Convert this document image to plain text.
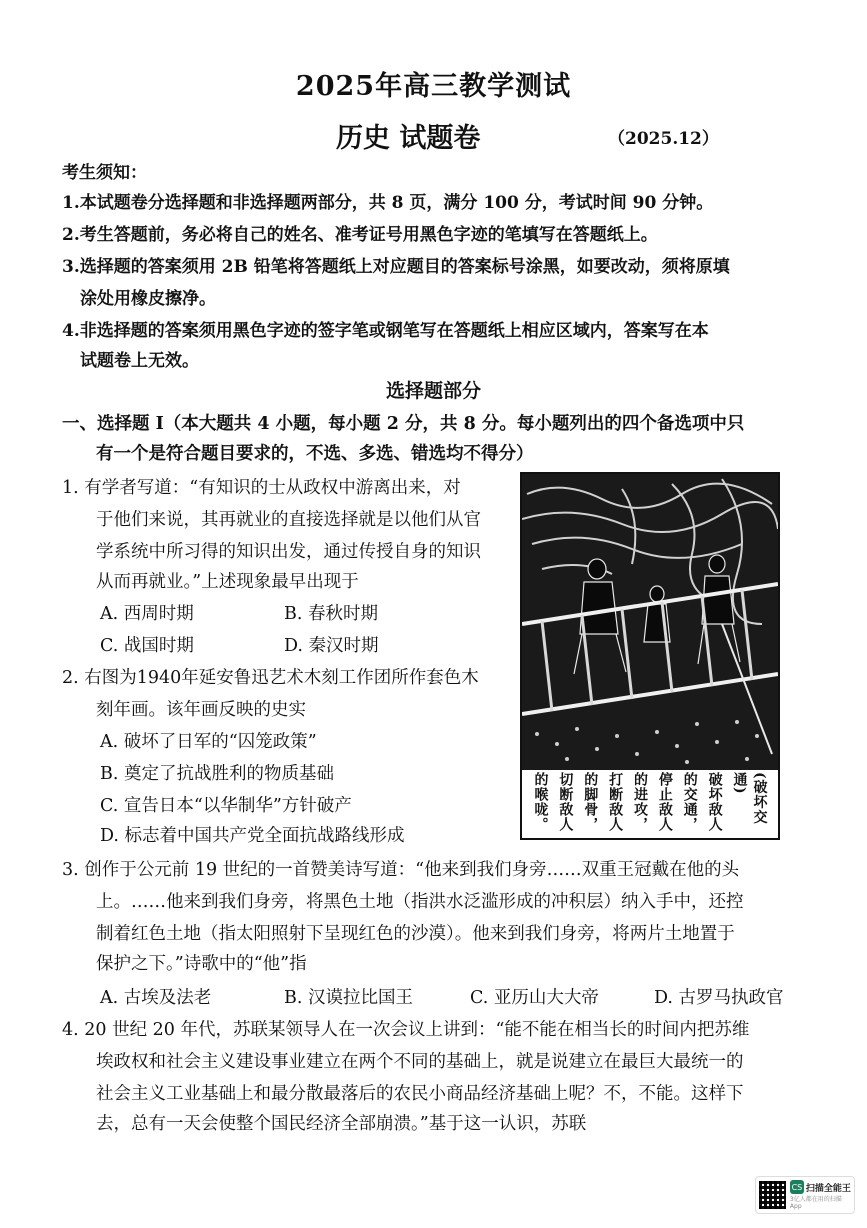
2025年高三教学测试
历史 试题卷	（2025.12）
考生须知：
1.本试题卷分选择题和非选择题两部分，共 8 页，满分 100 分，考试时间 90 分钟。
2.考生答题前，务必将自己的姓名、准考证号用黑色字迹的笔填写在答题纸上。
3.选择题的答案须用 2B 铅笔将答题纸上对应题目的答案标号涂黑，如要改动，须将原填
涂处用橡皮擦净。
4.非选择题的答案须用黑色字迹的签字笔或钢笔写在答题纸上相应区域内，答案写在本
试题卷上无效。
选择题部分
一、选择题 I（本大题共 4 小题，每小题 2 分，共 8 分。每小题列出的四个备选项中只
有一个是符合题目要求的，不选、多选、错选均不得分）
1. 有学者写道：“有知识的士从政权中游离出来，对
于他们来说，其再就业的直接选择就是以他们从官
学系统中所习得的知识出发，通过传授自身的知识
从而再就业。”上述现象最早出现于
A. 西周时期	B. 春秋时期
C. 战国时期	D. 秦汉时期
2. 右图为1940年延安鲁迅艺术木刻工作团所作套色木
刻年画。该年画反映的史实
A. 破坏了日军的“囚笼政策”
B. 奠定了抗战胜利的物质基础
C. 宣告日本“以华制华”方针破产
D. 标志着中国共产党全面抗战路线形成
(破坏交通)
破坏敌人
的交通，
停止敌人
的进攻，
打断敌人
的脚骨，
切断敌人
的喉咙。
3. 创作于公元前 19 世纪的一首赞美诗写道：“他来到我们身旁……双重王冠戴在他的头
上。……他来到我们身旁，将黑色土地（指洪水泛滥形成的冲积层）纳入手中，还控
制着红色土地（指太阳照射下呈现红色的沙漠）。他来到我们身旁，将两片土地置于
保护之下。”诗歌中的“他”指
A. 古埃及法老	B. 汉谟拉比国王	C. 亚历山大大帝	D. 古罗马执政官
4. 20 世纪 20 年代，苏联某领导人在一次会议上讲到：“能不能在相当长的时间内把苏维
埃政权和社会主义建设事业建立在两个不同的基础上，就是说建立在最巨大最统一的
社会主义工业基础上和最分散最落后的农民小商品经济基础上呢？不，不能。这样下
去，总有一天会使整个国民经济全部崩溃。”基于这一认识，苏联
CS 扫描全能王
3亿人都在用的扫描App
